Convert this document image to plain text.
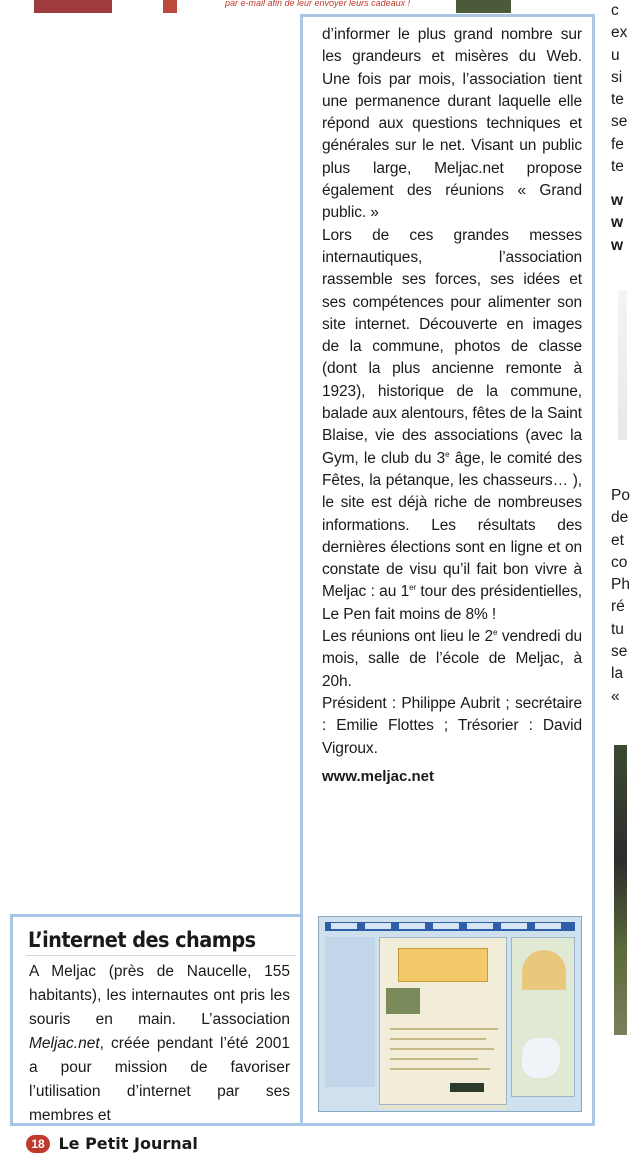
par e-mail afin de leur envoyer leurs cadeaux !

d’informer le plus grand nombre sur les grandeurs et misères du Web. Une fois par mois, l’association tient une permanence durant laquelle elle répond aux questions techniques et générales sur le net. Visant un public plus large, Meljac.net propose également des réunions « Grand public. »

Lors de ces grandes messes internautiques, l’association rassemble ses forces, ses idées et ses compétences pour alimenter son site internet. Découverte en images de la commune, photos de classe (dont la plus ancienne remonte à 1923), historique de la commune, balade aux alentours, fêtes de la Saint Blaise, vie des associations (avec la Gym, le club du 3e âge, le comité des Fêtes, la pétanque, les chasseurs… ), le site est déjà riche de nombreuses informations. Les résultats des dernières élections sont en ligne et on constate de visu qu’il fait bon vivre à Meljac : au 1er tour des présidentielles, Le Pen fait moins de 8% !

Les réunions ont lieu le 2e vendredi du mois, salle de l’école de Meljac, à 20h.

Président : Philippe Aubrit ; secrétaire : Emilie Flottes ; Trésorier : David Vigroux.

www.meljac.net

L’internet des champs

A Meljac (près de Naucelle, 155 habitants), les internautes ont pris les souris en main. L’association Meljac.net, créée pendant l’été 2001 a pour mission de favoriser l’utilisation d’internet par ses membres et

c
ex
u
si
te
se
fe
te
w
w
w
Po
de
et
co
Ph
ré
tu
se
la
«
18 Le Petit Journal
